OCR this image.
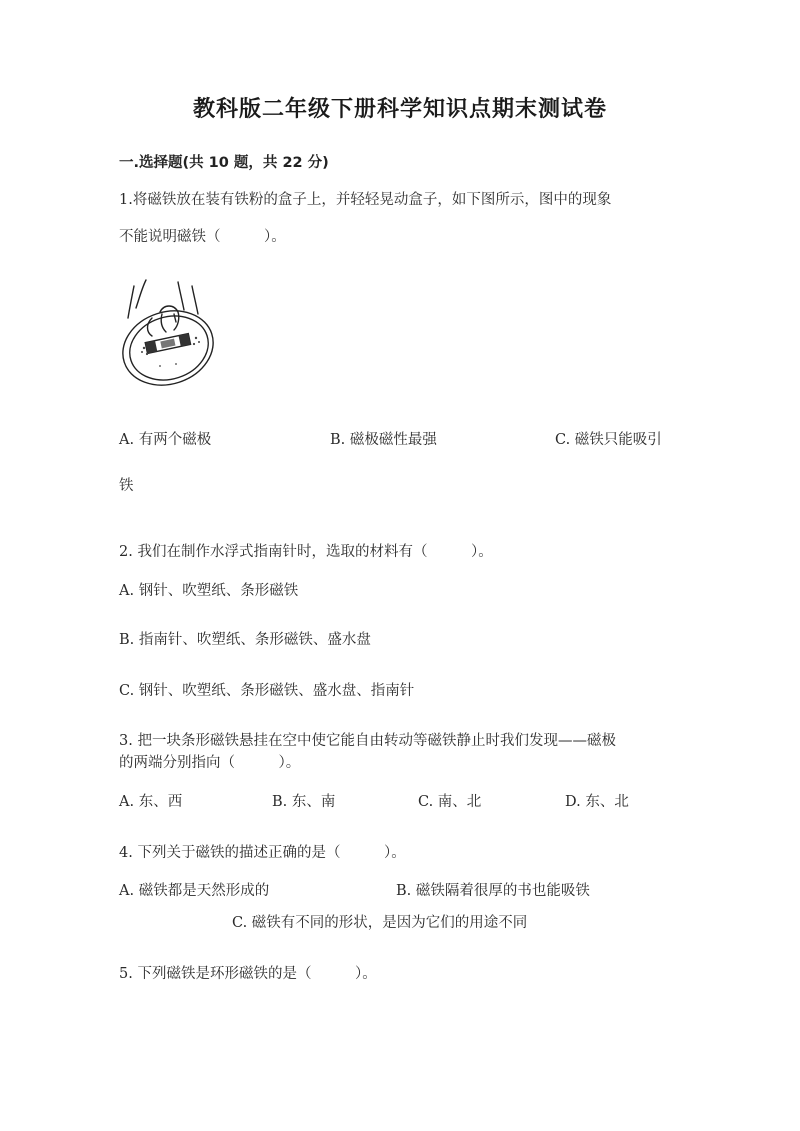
教科版二年级下册科学知识点期末测试卷
一.选择题(共 10 题，共 22 分)
1.将磁铁放在装有铁粉的盒子上，并轻轻晃动盒子，如下图所示，图中的现象
不能说明磁铁（　　　）。
A. 有两个磁极	B. 磁极磁性最强	C. 磁铁只能吸引
铁
2. 我们在制作水浮式指南针时，选取的材料有（　　　）。
A. 钢针、吹塑纸、条形磁铁
B. 指南针、吹塑纸、条形磁铁、盛水盘
C. 钢针、吹塑纸、条形磁铁、盛水盘、指南针
3. 把一块条形磁铁悬挂在空中使它能自由转动等磁铁静止时我们发现——磁极
的两端分别指向（　　　）。
A. 东、西	B. 东、南	C. 南、北	D. 东、北
4. 下列关于磁铁的描述正确的是（　　　）。
A. 磁铁都是天然形成的	B. 磁铁隔着很厚的书也能吸铁
C. 磁铁有不同的形状，是因为它们的用途不同
5. 下列磁铁是环形磁铁的是（　　　）。
